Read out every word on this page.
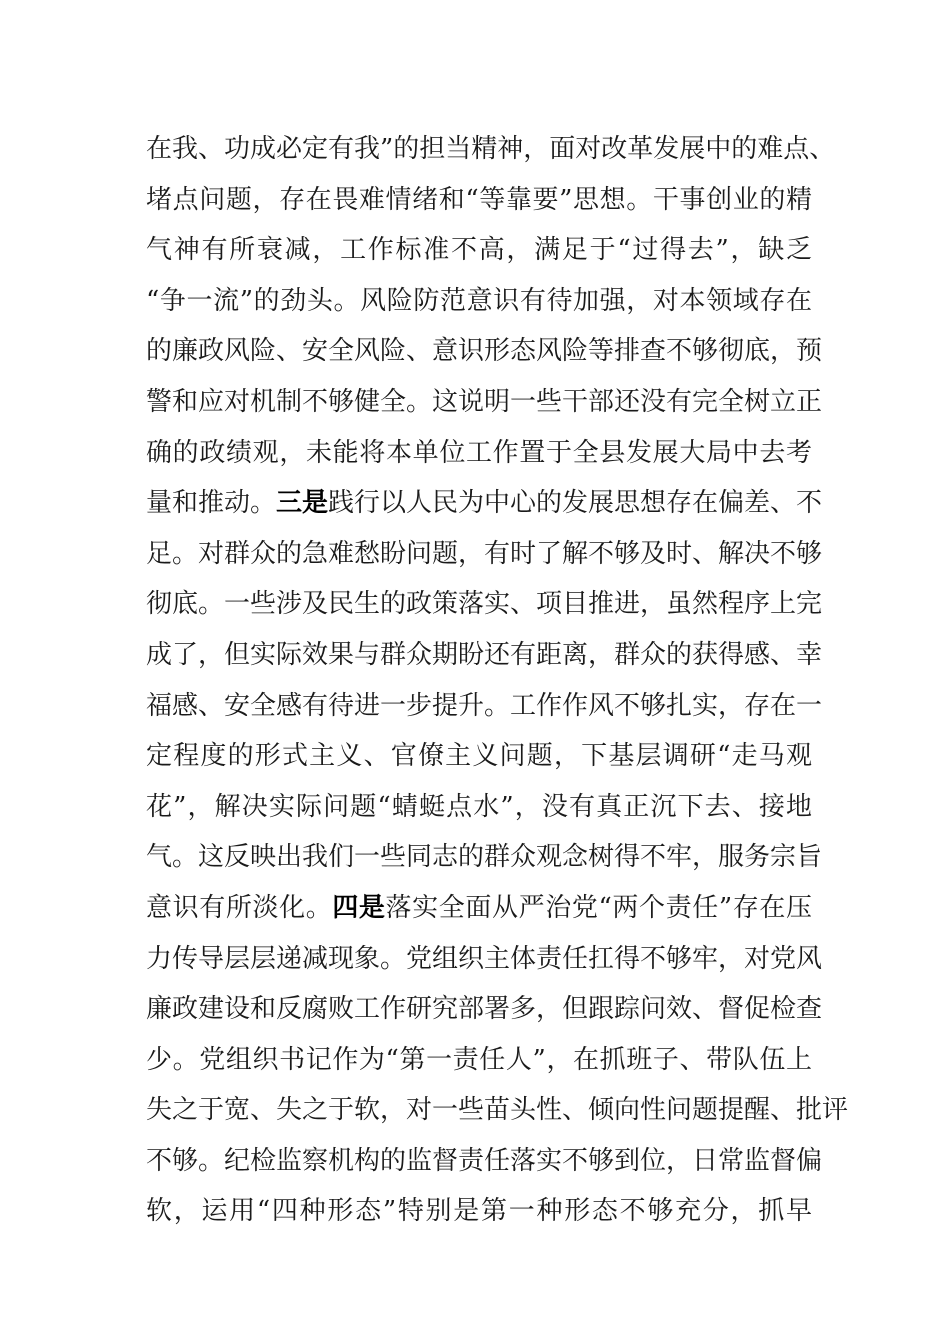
在我、功成必定有我”的担当精神，面对改革发展中的难点、
堵点问题，存在畏难情绪和“等靠要”思想。干事创业的精
气神有所衰减，工作标准不高，满足于“过得去”，缺乏
“争一流”的劲头。风险防范意识有待加强，对本领域存在
的廉政风险、安全风险、意识形态风险等排查不够彻底，预
警和应对机制不够健全。这说明一些干部还没有完全树立正
确的政绩观，未能将本单位工作置于全县发展大局中去考
量和推动。三是践行以人民为中心的发展思想存在偏差、不
足。对群众的急难愁盼问题，有时了解不够及时、解决不够
彻底。一些涉及民生的政策落实、项目推进，虽然程序上完
成了，但实际效果与群众期盼还有距离，群众的获得感、幸
福感、安全感有待进一步提升。工作作风不够扎实，存在一
定程度的形式主义、官僚主义问题，下基层调研“走马观
花”，解决实际问题“蜻蜓点水”，没有真正沉下去、接地
气。这反映出我们一些同志的群众观念树得不牢，服务宗旨
意识有所淡化。四是落实全面从严治党“两个责任”存在压
力传导层层递减现象。党组织主体责任扛得不够牢，对党风
廉政建设和反腐败工作研究部署多，但跟踪问效、督促检查
少。党组织书记作为“第一责任人”，在抓班子、带队伍上
失之于宽、失之于软，对一些苗头性、倾向性问题提醒、批评
不够。纪检监察机构的监督责任落实不够到位，日常监督偏
软，运用“四种形态”特别是第一种形态不够充分，抓早
